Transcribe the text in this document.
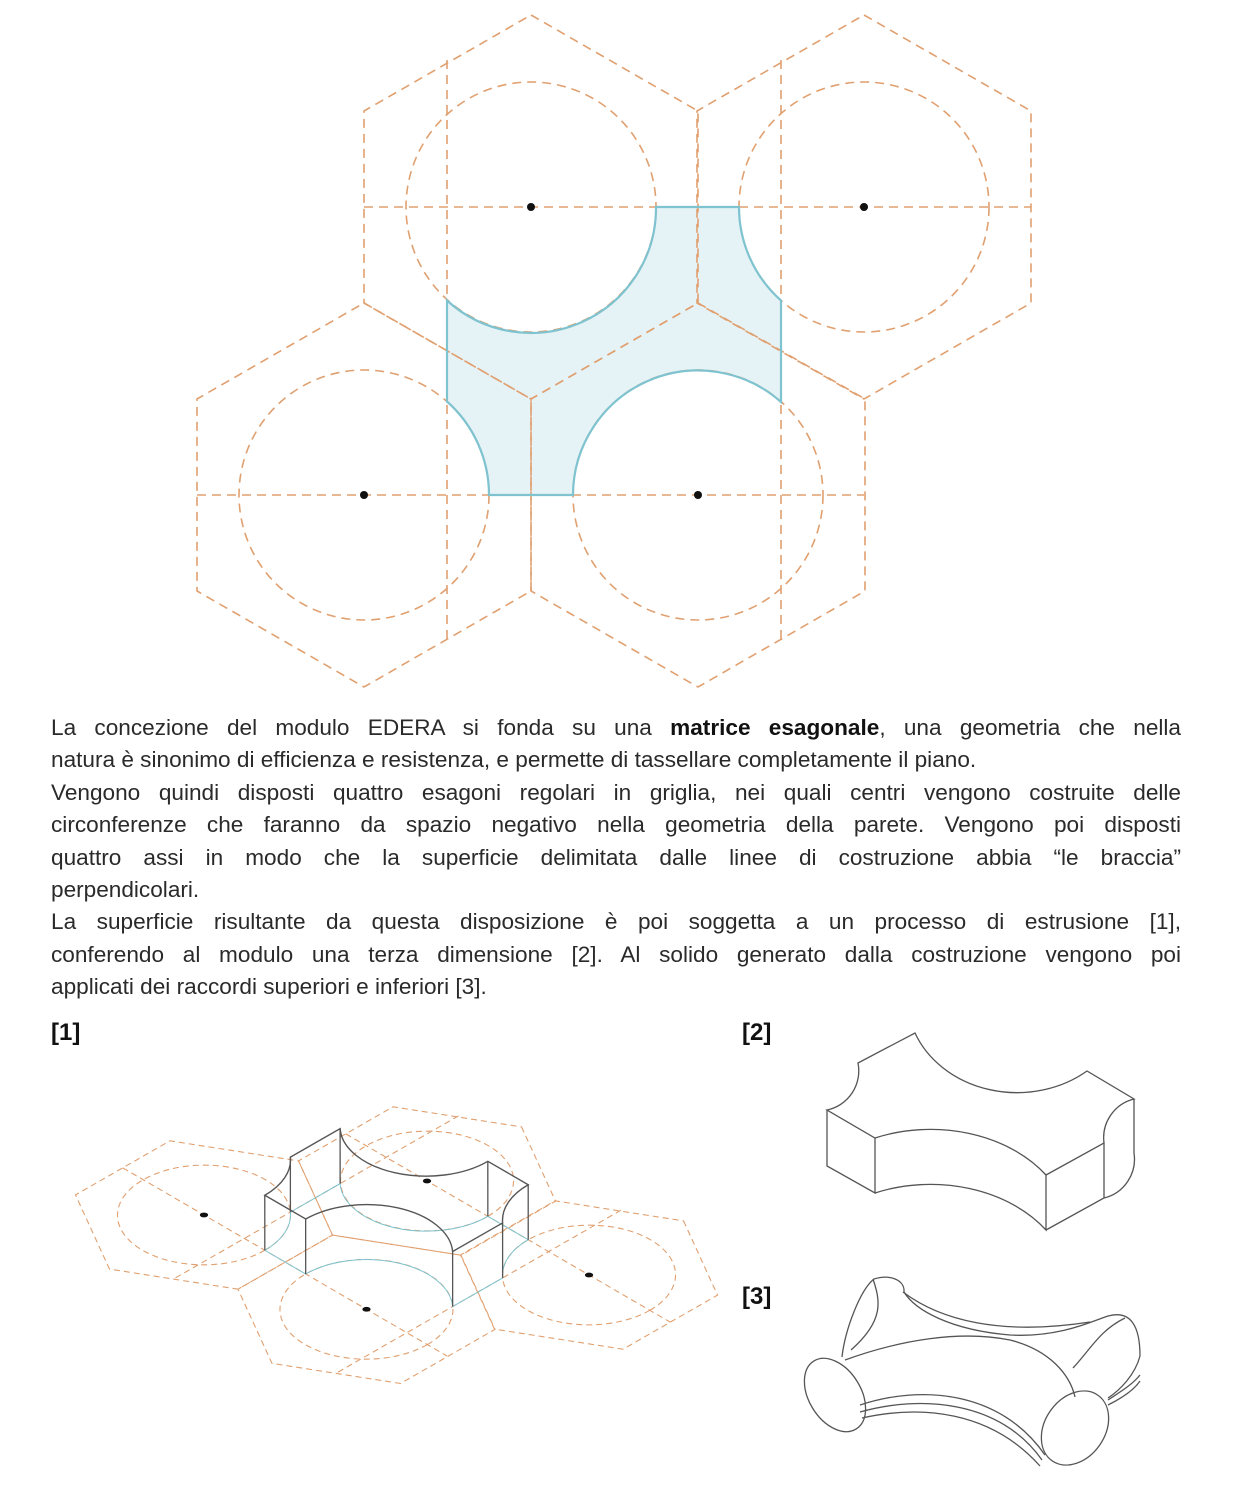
La concezione del modulo EDERA si fonda su una matrice esagonale, una geometria che nella
natura è sinonimo di efficienza e resistenza, e permette di tassellare completamente il piano.
Vengono quindi disposti quattro esagoni regolari in griglia, nei quali centri vengono costruite delle
circonferenze che faranno da spazio negativo nella geometria della parete. Vengono poi disposti
quattro assi in modo che la superficie delimitata dalle linee di costruzione abbia “le braccia”
perpendicolari.
La superficie risultante da questa disposizione è poi soggetta a un processo di estrusione [1],
conferendo al modulo una terza dimensione [2]. Al solido generato dalla costruzione vengono poi
applicati dei raccordi superiori e inferiori [3].
[1]	[2]
[3]
